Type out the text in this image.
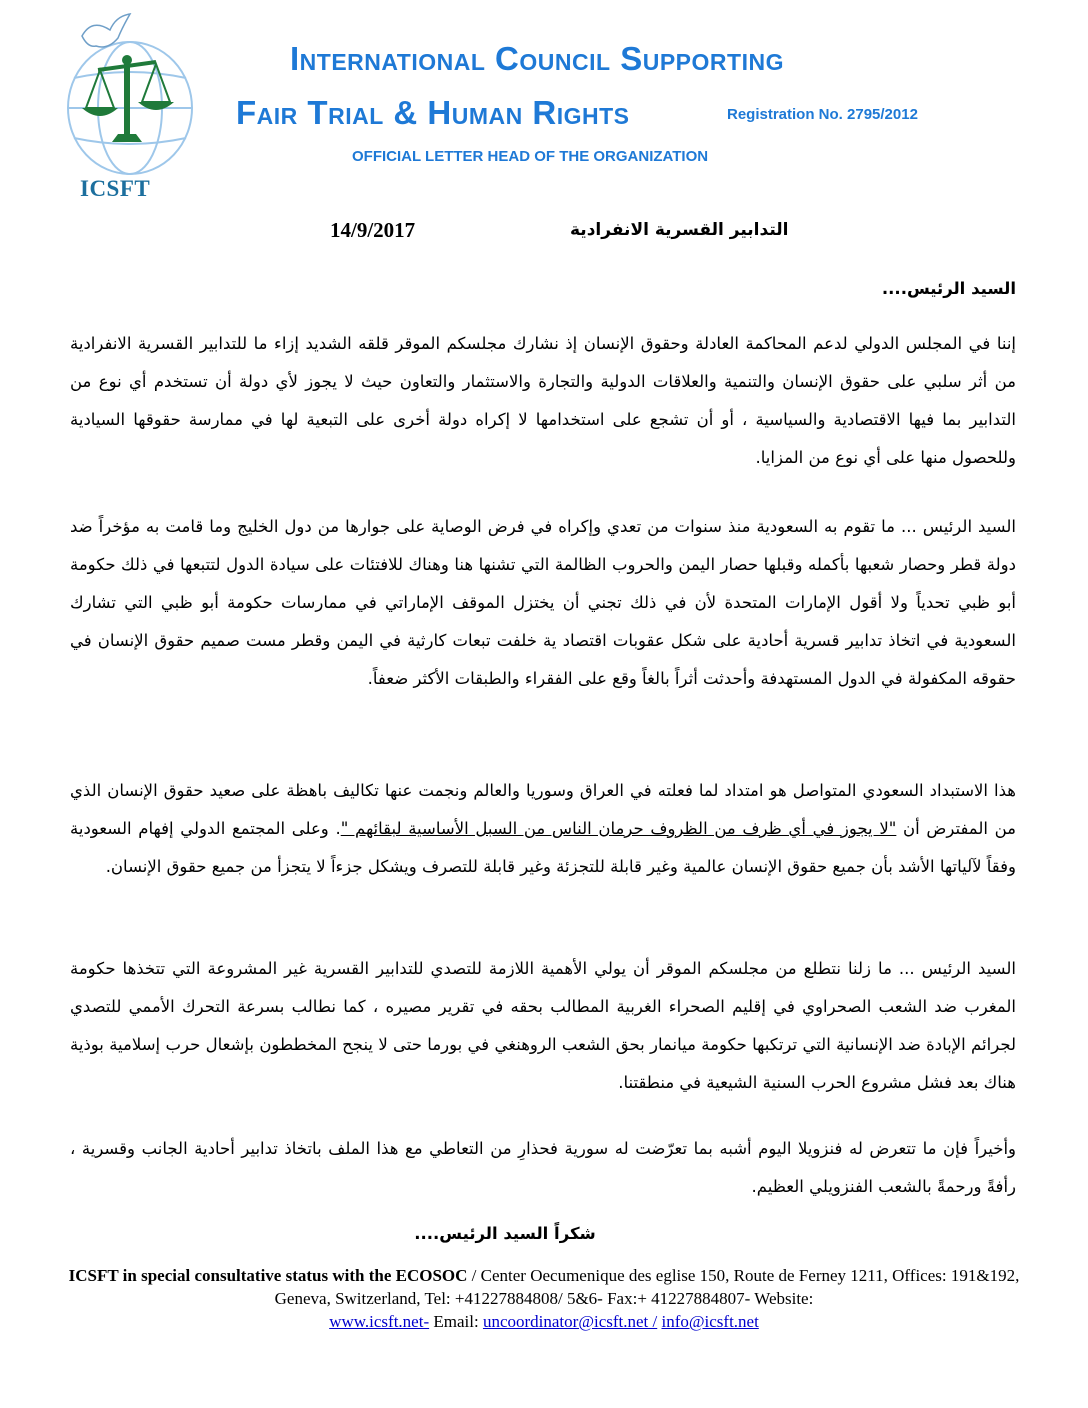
ICSFT
International Council Supporting
Fair Trial & Human Rights	Registration No. 2795/2012
OFFICIAL LETTER HEAD OF THE ORGANIZATION
14/9/2017	التدابير القسرية الانفرادية
السيد الرئيس....
إننا في المجلس الدولي لدعم المحاكمة العادلة وحقوق الإنسان إذ نشارك مجلسكم الموقر قلقه الشديد إزاء ما للتدابير القسرية الانفرادية من أثر سلبي على حقوق الإنسان والتنمية والعلاقات الدولية والتجارة والاستثمار والتعاون حيث لا يجوز لأي دولة أن تستخدم أي نوع من التدابير بما فيها الاقتصادية والسياسية ، أو أن تشجع على استخدامها لا إكراه دولة أخرى على التبعية لها في ممارسة حقوقها السيادية وللحصول منها على أي نوع من المزايا.
السيد الرئيس ... ما تقوم به السعودية منذ سنوات من تعدي وإكراه في فرض الوصاية على جوارها من دول الخليج وما قامت به مؤخراً ضد دولة قطر وحصار شعبها بأكمله وقبلها حصار اليمن والحروب الظالمة التي تشنها هنا وهناك للافتئات على سيادة الدول لتتبعها في ذلك حكومة أبو ظبي تحدياً ولا أقول الإمارات المتحدة لأن في ذلك تجني أن يختزل الموقف الإماراتي في ممارسات حكومة أبو ظبي التي تشارك السعودية في اتخاذ تدابير قسرية أحادية على شكل عقوبات اقتصاد ية خلفت تبعات كارثية في اليمن وقطر مست صميم حقوق الإنسان في حقوقه المكفولة في الدول المستهدفة وأحدثت أثراً بالغاً وقع على الفقراء والطبقات الأكثر ضعفاً.
هذا الاستبداد السعودي المتواصل هو امتداد لما فعلته في العراق وسوريا والعالم ونجمت عنها تكاليف باهظة على صعيد حقوق الإنسان الذي من المفترض أن "لا يجوز في أي ظرف من الظروف حرمان الناس من السبل الأساسية لبقائهم ". وعلى المجتمع الدولي إفهام السعودية وفقاً لآلياتها الأشد بأن جميع حقوق الإنسان عالمية وغير قابلة للتجزئة وغير قابلة للتصرف ويشكل جزءاً لا يتجزأ من جميع حقوق الإنسان.
السيد الرئيس ... ما زلنا نتطلع من مجلسكم الموقر أن يولي الأهمية اللازمة للتصدي للتدابير القسرية غير المشروعة التي تتخذها حكومة المغرب ضد الشعب الصحراوي في إقليم الصحراء الغربية المطالب بحقه في تقرير مصيره ، كما نطالب بسرعة التحرك الأممي للتصدي لجرائم الإبادة ضد الإنسانية التي ترتكبها حكومة ميانمار بحق الشعب الروهنغي في بورما حتى لا ينجح المخططون بإشعال حرب إسلامية بوذية هناك بعد فشل مشروع الحرب السنية الشيعية في منطقتنا.
وأخيراً فإن ما تتعرض له فنزويلا اليوم أشبه بما تعرّضت له سورية فحذارِ من التعاطي مع هذا الملف باتخاذ تدابير أحادية الجانب وقسرية ، رأفةً ورحمةً بالشعب الفنزويلي العظيم.
شكراً السيد الرئيس....
ICSFT in special consultative status with the ECOSOC / Center Oecumenique des eglise 150, Route de Ferney 1211, Offices: 191&192, Geneva, Switzerland, Tel: +41227884808/ 5&6- Fax:+ 41227884807- Website:
www.icsft.net- Email: uncoordinator@icsft.net / info@icsft.net
